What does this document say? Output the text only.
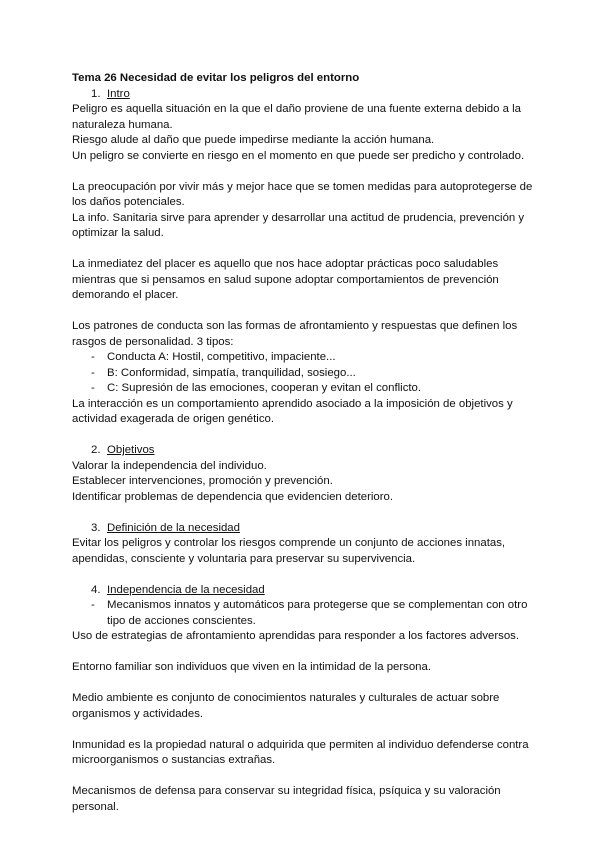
Tema 26 Necesidad de evitar los peligros del entorno

1. Intro

Peligro es aquella situación en la que el daño proviene de una fuente externa debido a la naturaleza humana.

Riesgo alude al daño que puede impedirse mediante la acción humana.

Un peligro se convierte en riesgo en el momento en que puede ser predicho y controlado.

La preocupación por vivir más y mejor hace que se tomen medidas para autoprotegerse de los daños potenciales.

La info. Sanitaria sirve para aprender y desarrollar una actitud de prudencia, prevención y optimizar la salud.

La inmediatez del placer es aquello que nos hace adoptar prácticas poco saludables mientras que si pensamos en salud supone adoptar comportamientos de prevención demorando el placer.

Los patrones de conducta son las formas de afrontamiento y respuestas que definen los rasgos de personalidad. 3 tipos:

- Conducta A: Hostil, competitivo, impaciente...
- B: Conformidad, simpatía, tranquilidad, sosiego...
- C: Supresión de las emociones, cooperan y evitan el conflicto.

La interacción es un comportamiento aprendido asociado a la imposición de objetivos y actividad exagerada de origen genético.

2. Objetivos

Valorar la independencia del individuo.

Establecer intervenciones, promoción y prevención.

Identificar problemas de dependencia que evidencien deterioro.

3. Definición de la necesidad

Evitar los peligros y controlar los riesgos comprende un conjunto de acciones innatas, apendidas, consciente y voluntaria para preservar su supervivencia.

4. Independencia de la necesidad
- Mecanismos innatos y automáticos para protegerse que se complementan con otro tipo de acciones conscientes.

Uso de estrategias de afrontamiento aprendidas para responder a los factores adversos.

Entorno familiar son individuos que viven en la intimidad de la persona.

Medio ambiente es conjunto de conocimientos naturales y culturales de actuar sobre organismos y actividades.

Inmunidad es la propiedad natural o adquirida que permiten al individuo defenderse contra microorganismos o sustancias extrañas.

Mecanismos de defensa para conservar su integridad física, psíquica y su valoración personal.
